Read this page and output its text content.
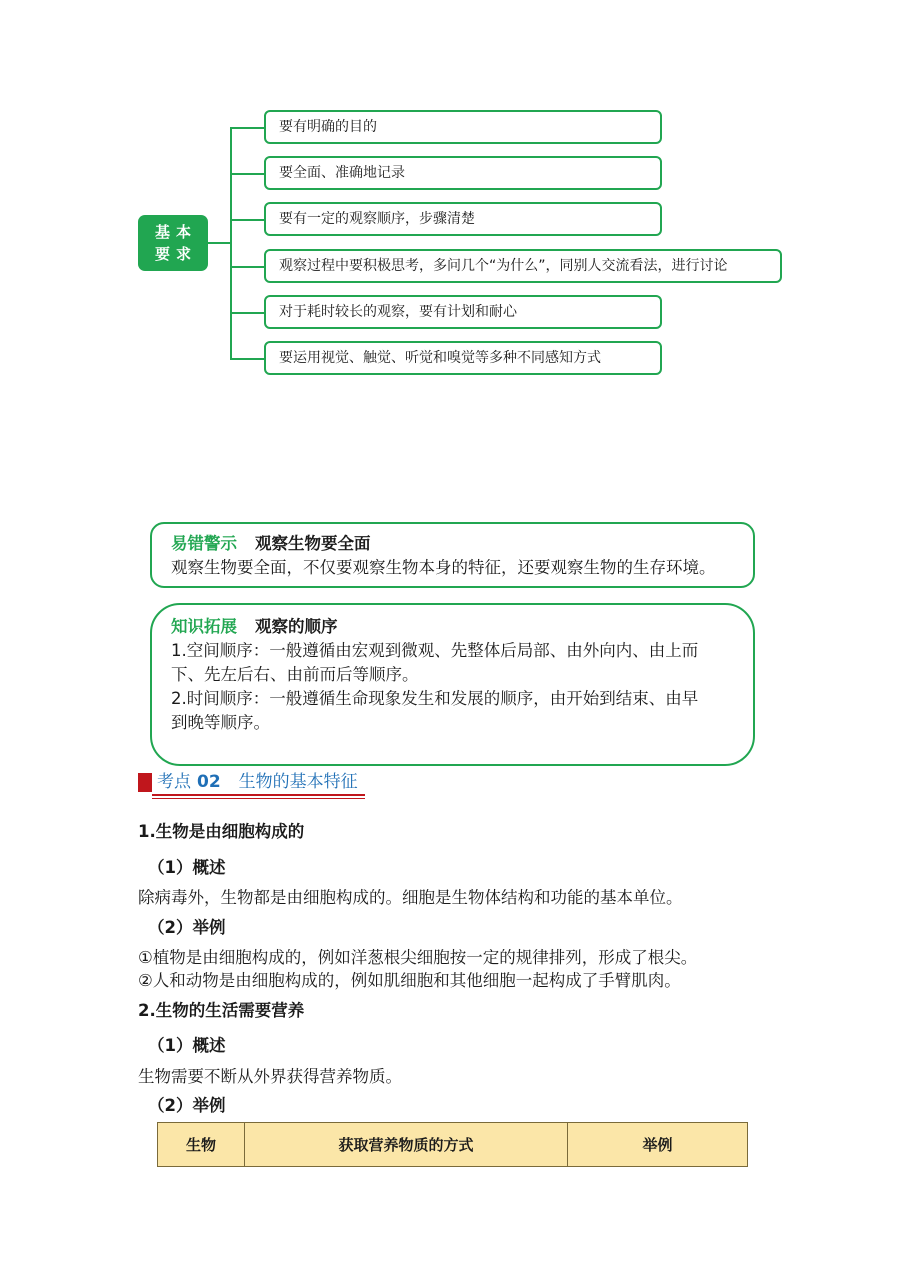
基本
要求
要有明确的目的
要全面、准确地记录
要有一定的观察顺序，步骤清楚
观察过程中要积极思考，多问几个“为什么”，同别人交流看法，进行讨论
对于耗时较长的观察，要有计划和耐心
要运用视觉、触觉、听觉和嗅觉等多种不同感知方式
易错警示 观察生物要全面

观察生物要全面，不仅要观察生物本身的特征，还要观察生物的生存环境。

知识拓展 观察的顺序

1.空间顺序：一般遵循由宏观到微观、先整体后局部、由外向内、由上而

下、先左后右、由前而后等顺序。

2.时间顺序：一般遵循生命现象发生和发展的顺序，由开始到结束、由早

到晚等顺序。

考点 02 生物的基本特征
1.生物是由细胞构成的
（1）概述
除病毒外，生物都是由细胞构成的。细胞是生物体结构和功能的基本单位。
（2）举例
①植物是由细胞构成的，例如洋葱根尖细胞按一定的规律排列，形成了根尖。
②人和动物是由细胞构成的，例如肌细胞和其他细胞一起构成了手臂肌肉。
2.生物的生活需要营养
（1）概述
生物需要不断从外界获得营养物质。
（2）举例
生物	获取营养物质的方式	举例
